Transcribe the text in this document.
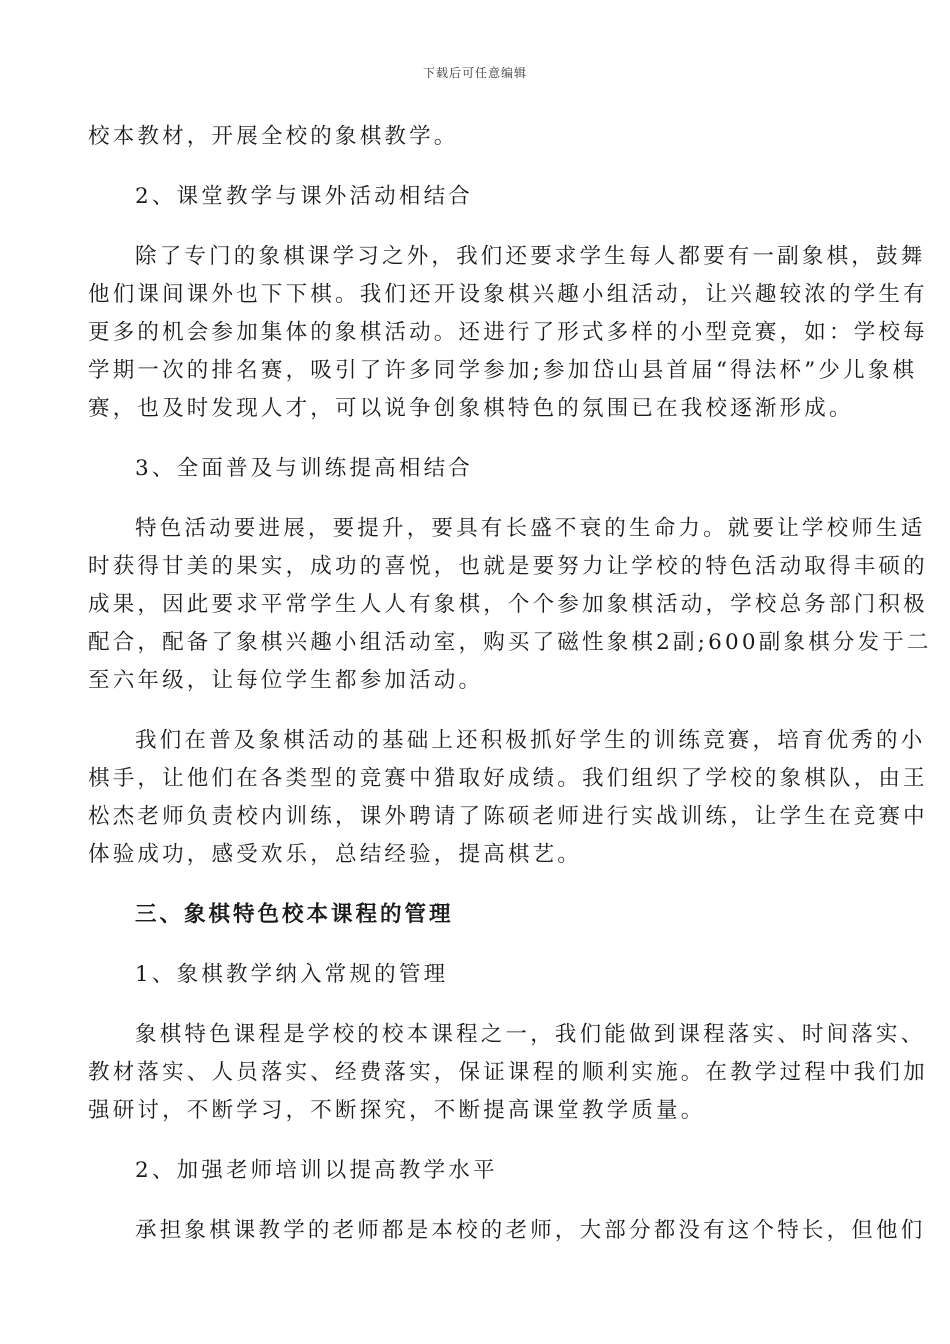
下载后可任意编辑

校本教材，开展全校的象棋教学。

2、课堂教学与课外活动相结合

除了专门的象棋课学习之外，我们还要求学生每人都要有一副象棋，鼓舞

他们课间课外也下下棋。我们还开设象棋兴趣小组活动，让兴趣较浓的学生有

更多的机会参加集体的象棋活动。还进行了形式多样的小型竞赛，如：学校每

学期一次的排名赛，吸引了许多同学参加;参加岱山县首届“得法杯”少儿象棋

赛，也及时发现人才，可以说争创象棋特色的氛围已在我校逐渐形成。

3、全面普及与训练提高相结合

特色活动要进展，要提升，要具有长盛不衰的生命力。就要让学校师生适

时获得甘美的果实，成功的喜悦，也就是要努力让学校的特色活动取得丰硕的

成果，因此要求平常学生人人有象棋，个个参加象棋活动，学校总务部门积极

配合，配备了象棋兴趣小组活动室，购买了磁性象棋2副;600副象棋分发于二

至六年级，让每位学生都参加活动。

我们在普及象棋活动的基础上还积极抓好学生的训练竞赛，培育优秀的小

棋手，让他们在各类型的竞赛中猎取好成绩。我们组织了学校的象棋队，由王

松杰老师负责校内训练，课外聘请了陈硕老师进行实战训练，让学生在竞赛中

体验成功，感受欢乐，总结经验，提高棋艺。

三、象棋特色校本课程的管理

1、象棋教学纳入常规的管理

象棋特色课程是学校的校本课程之一，我们能做到课程落实、时间落实、

教材落实、人员落实、经费落实，保证课程的顺利实施。在教学过程中我们加

强研讨，不断学习，不断探究，不断提高课堂教学质量。

2、加强老师培训以提高教学水平

承担象棋课教学的老师都是本校的老师，大部分都没有这个特长，但他们
